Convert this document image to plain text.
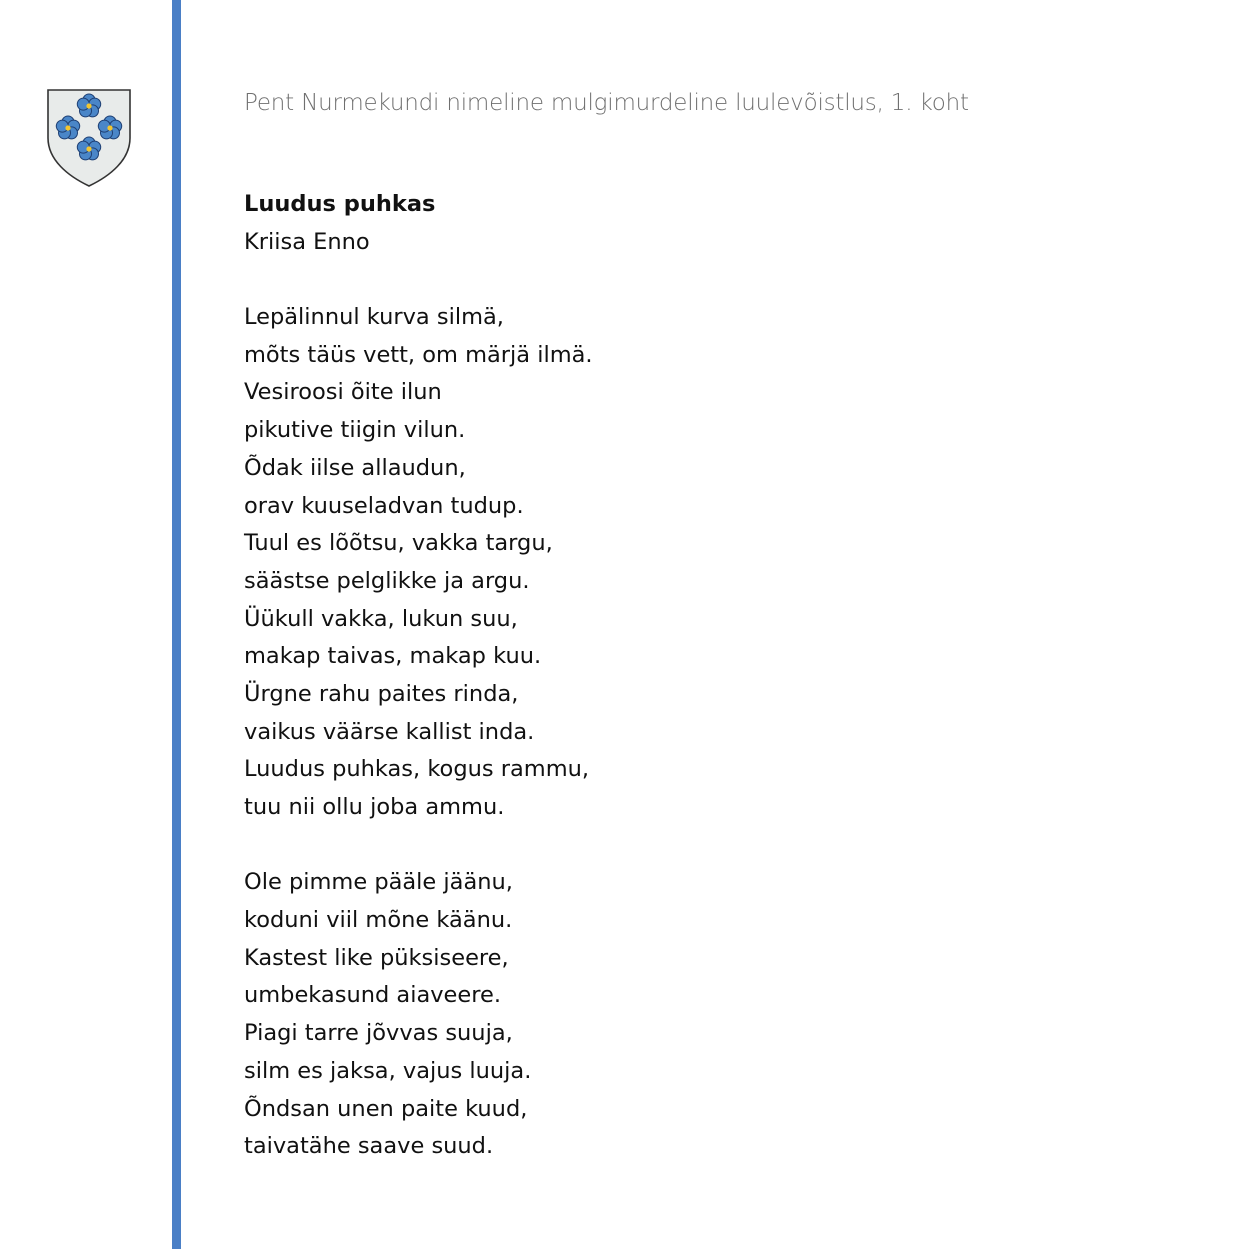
Pent Nurmekundi nimeline mulgimurdeline luulevõistlus, 1. koht

Luudus puhkas

Kriisa Enno

Lepälinnul kurva silmä,
mõts täüs vett, om märjä ilmä.
Vesiroosi õite ilun
pikutive tiigin vilun.
Õdak iilse allaudun,
orav kuuseladvan tudup.
Tuul es lõõtsu, vakka targu,
säästse pelglikke ja argu.
Üükull vakka, lukun suu,
makap taivas, makap kuu.
Ürgne rahu paites rinda,
vaikus väärse kallist inda.
Luudus puhkas, kogus rammu,
tuu nii ollu joba ammu.
Ole pimme pääle jäänu,
koduni viil mõne käänu.
Kastest like püksiseere,
umbekasund aiaveere.
Piagi tarre jõvvas suuja,
silm es jaksa, vajus luuja.
Õndsan unen paite kuud,
taivatähe saave suud.
